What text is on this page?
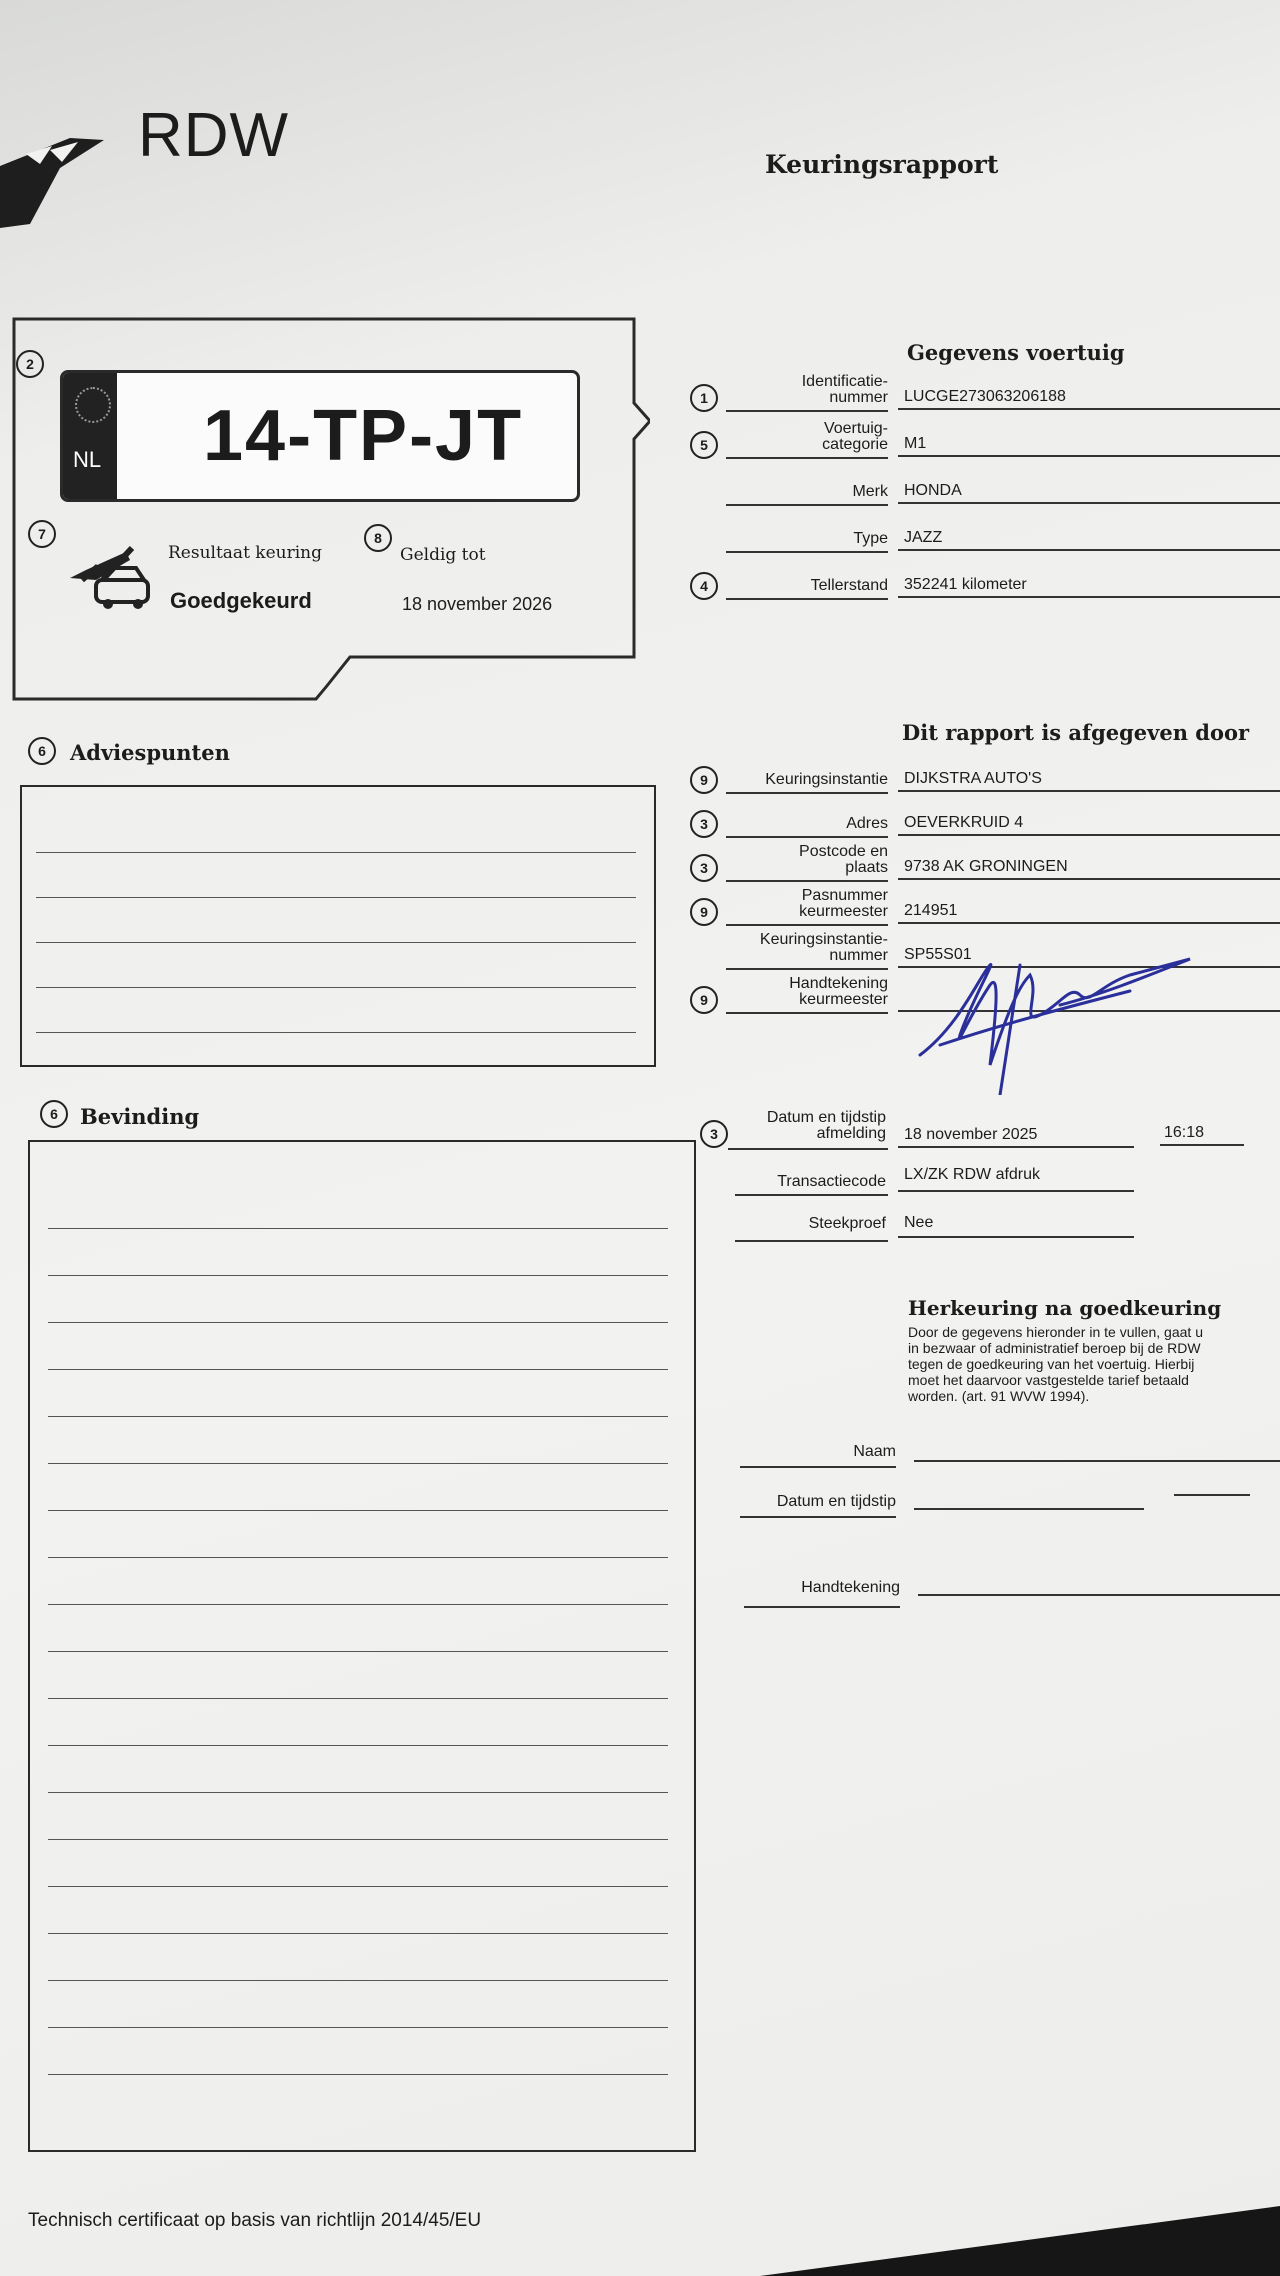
RDW	Keuringsrapport
2
NL 14-TP-JT
7
Resultaat keuring
Goedgekeurd
8
Geldig tot
18 november 2026
Gegevens voertuig
1
Identificatie-
nummer LUCGE273063206188
5
Voertuig-
categorie M1
Merk HONDA
Type JAZZ
4	Tellerstand 352241 kilometer
Dit rapport is afgegeven door
9	Keuringsinstantie DIJKSTRA AUTO'S
3	Adres OEVERKRUID 4
3
Postcode en
plaats 9738 AK GRONINGEN
9
Pasnummer
keurmeester 214951
Keuringsinstantie-
nummer SP55S01
9
Handtekening
keurmeester
3
Datum en tijdstip
afmelding 18 november 2025	16:18
Transactiecode LX/ZK RDW afdruk
Steekproef Nee
Herkeuring na goedkeuring
Door de gegevens hieronder in te vullen, gaat u
in bezwaar of administratief beroep bij de RDW
tegen de goedkeuring van het voertuig. Hierbij
moet het daarvoor vastgestelde tarief betaald
worden. (art. 91 WVW 1994).
Naam
Datum en tijdstip
Handtekening
6	Adviespunten
6	Bevinding
Technisch certificaat op basis van richtlijn 2014/45/EU
